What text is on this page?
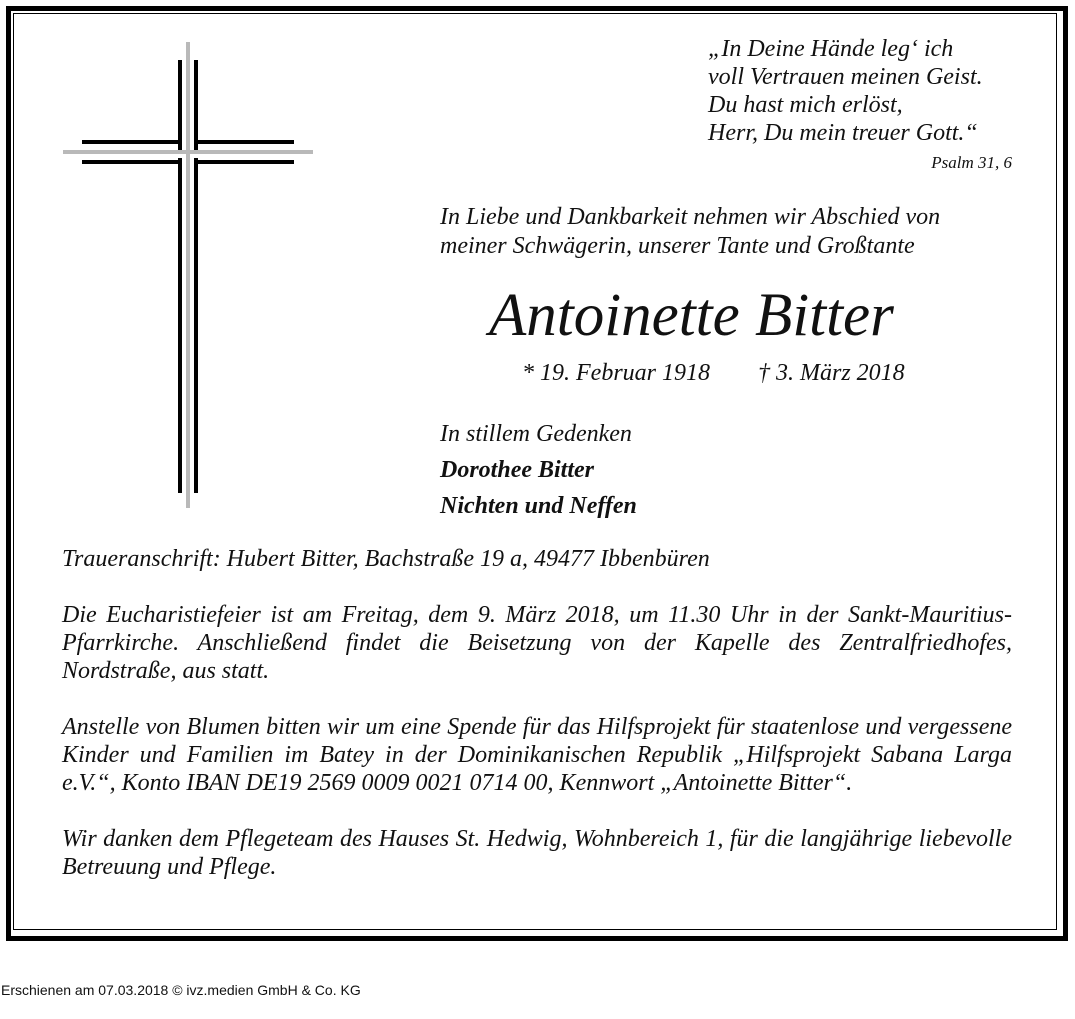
„In Deine Hände leg‘ ich
voll Vertrauen meinen Geist.
Du hast mich erlöst,
Herr, Du mein treuer Gott.“
Psalm 31, 6
In Liebe und Dankbarkeit nehmen wir Abschied von
meiner Schwägerin, unserer Tante und Großtante
Antoinette Bitter
* 19. Februar 1918 † 3. März 2018
In stillem Gedenken
Dorothee Bitter
Nichten und Neffen

Traueranschrift: Hubert Bitter, Bachstraße 19 a, 49477 Ibbenbüren

Die Eucharistiefeier ist am Freitag, dem 9. März 2018, um 11.30 Uhr in der Sankt-Mauritius-Pfarrkirche. Anschließend findet die Beisetzung von der Kapelle des Zentralfriedhofes, Nordstraße, aus statt.

Anstelle von Blumen bitten wir um eine Spende für das Hilfsprojekt für staatenlose und vergessene Kinder und Familien im Batey in der Dominikanischen Republik „Hilfsprojekt Sabana Larga e.V.“, Konto IBAN DE19 2569 0009 0021 0714 00, Kennwort „Antoinette Bitter“.

Wir danken dem Pflegeteam des Hauses St. Hedwig, Wohnbereich 1, für die langjährige liebevolle Betreuung und Pflege.

Erschienen am 07.03.2018 © ivz.medien GmbH & Co. KG
